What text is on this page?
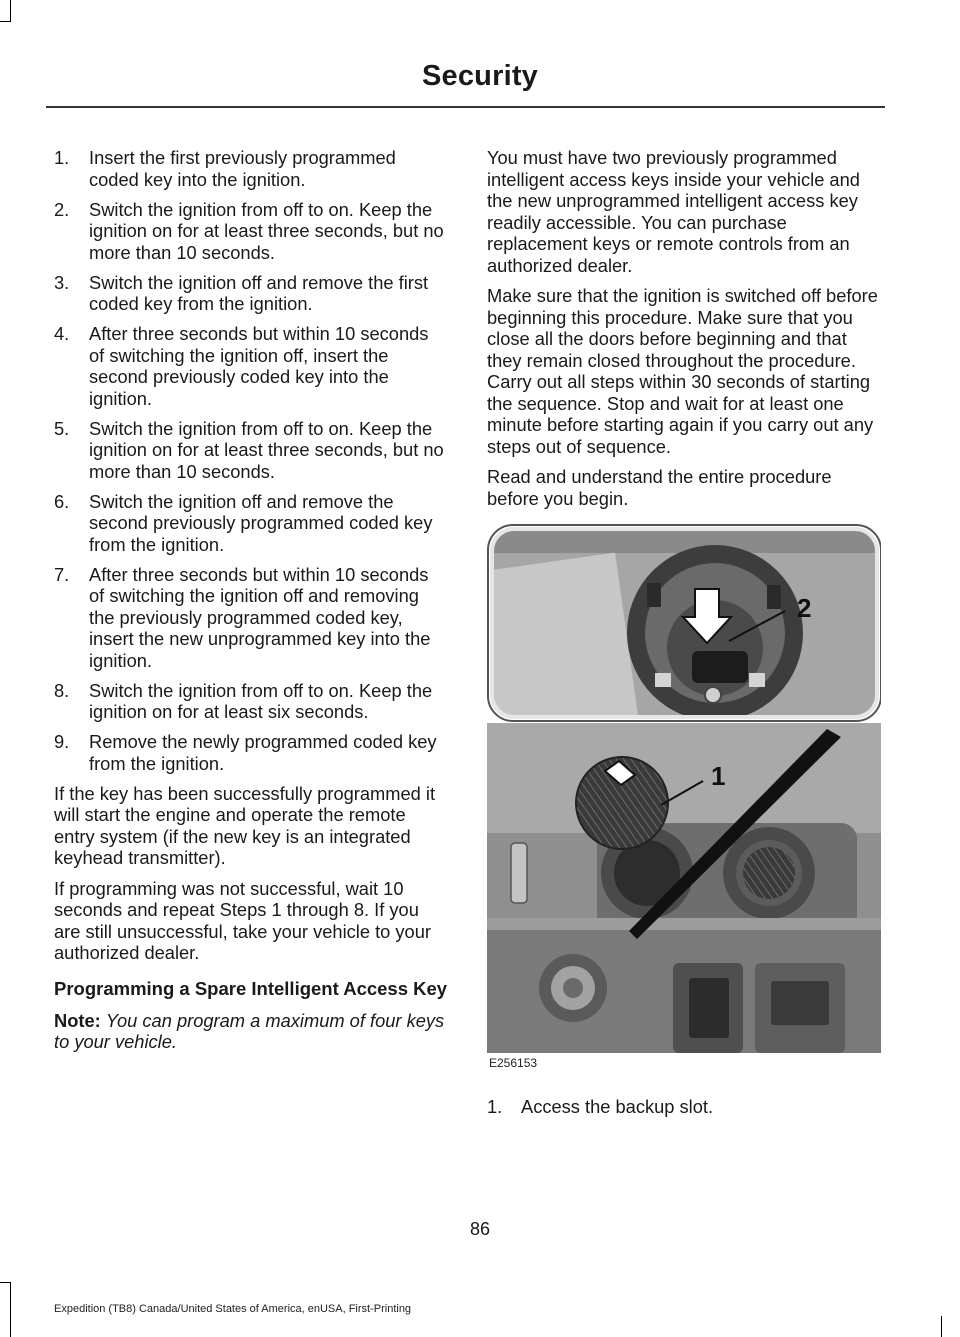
Security
1. Insert the first previously programmed coded key into the ignition.
2. Switch the ignition from off to on. Keep the ignition on for at least three seconds, but no more than 10 seconds.
3. Switch the ignition off and remove the first coded key from the ignition.
4. After three seconds but within 10 seconds of switching the ignition off, insert the second previously coded key into the ignition.
5. Switch the ignition from off to on. Keep the ignition on for at least three seconds, but no more than 10 seconds.
6. Switch the ignition off and remove the second previously programmed coded key from the ignition.
7. After three seconds but within 10 seconds of switching the ignition off and removing the previously programmed coded key, insert the new unprogrammed key into the ignition.
8. Switch the ignition from off to on. Keep the ignition on for at least six seconds.
9. Remove the newly programmed coded key from the ignition.

If the key has been successfully programmed it will start the engine and operate the remote entry system (if the new key is an integrated keyhead transmitter).

If programming was not successful, wait 10 seconds and repeat Steps 1 through 8. If you are still unsuccessful, take your vehicle to your authorized dealer.

Programming a Spare Intelligent Access Key

Note: You can program a maximum of four keys to your vehicle.

You must have two previously programmed intelligent access keys inside your vehicle and the new unprogrammed intelligent access key readily accessible. You can purchase replacement keys or remote controls from an authorized dealer.

Make sure that the ignition is switched off before beginning this procedure. Make sure that you close all the doors before beginning and that they remain closed throughout the procedure. Carry out all steps within 30 seconds of starting the sequence. Stop and wait for at least one minute before starting again if you carry out any steps out of sequence.

Read and understand the entire procedure before you begin.

2
1
E256153
1. Access the backup slot.
86
Expedition (TB8) Canada/United States of America, enUSA, First-Printing
